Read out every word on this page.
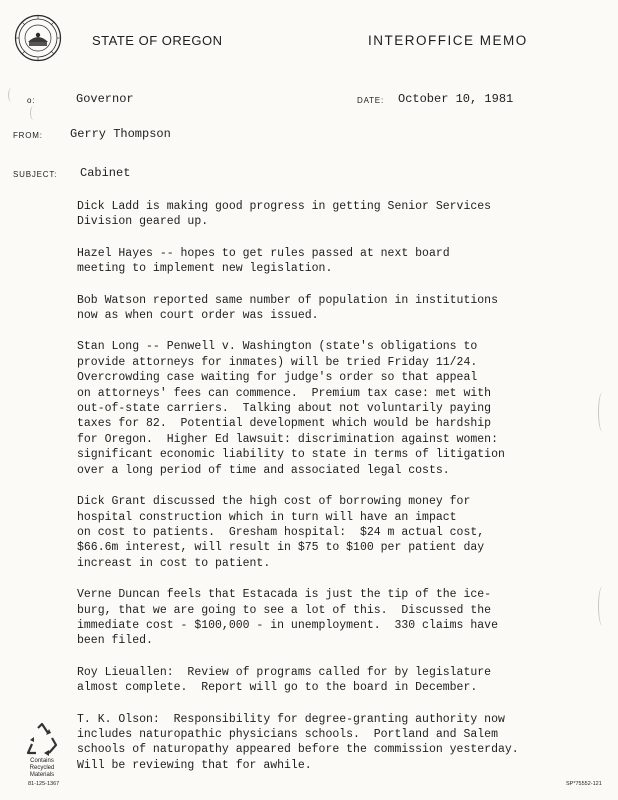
STATE OF OREGON	INTEROFFICE MEMO
o:	Governor	DATE: October 10, 1981
FROM: Gerry Thompson
SUBJECT: Cabinet

Dick Ladd is making good progress in getting Senior Services
Division geared up.

Hazel Hayes -- hopes to get rules passed at next board
meeting to implement new legislation.

Bob Watson reported same number of population in institutions
now as when court order was issued.

Stan Long -- Penwell v. Washington (state's obligations to
provide attorneys for inmates) will be tried Friday 11/24.
Overcrowding case waiting for judge's order so that appeal
on attorneys' fees can commence.  Premium tax case: met with
out-of-state carriers.  Talking about not voluntarily paying
taxes for 82.  Potential development which would be hardship
for Oregon.  Higher Ed lawsuit: discrimination against women:
significant economic liability to state in terms of litigation
over a long period of time and associated legal costs.

Dick Grant discussed the high cost of borrowing money for
hospital construction which in turn will have an impact
on cost to patients.  Gresham hospital:  $24 m actual cost,
$66.6m interest, will result in $75 to $100 per patient day
increast in cost to patient.

Verne Duncan feels that Estacada is just the tip of the ice-
burg, that we are going to see a lot of this.  Discussed the
immediate cost - $100,000 - in unemployment.  330 claims have
been filed.

Roy Lieuallen:  Review of programs called for by legislature
almost complete.  Report will go to the board in December.

T. K. Olson:  Responsibility for degree-granting authority now
includes naturopathic physicians schools.  Portland and Salem
schools of naturopathy appeared before the commission yesterday.
Will be reviewing that for awhile.

Contains
Recycled
Materials
81-125-1367	SP*75552-121
